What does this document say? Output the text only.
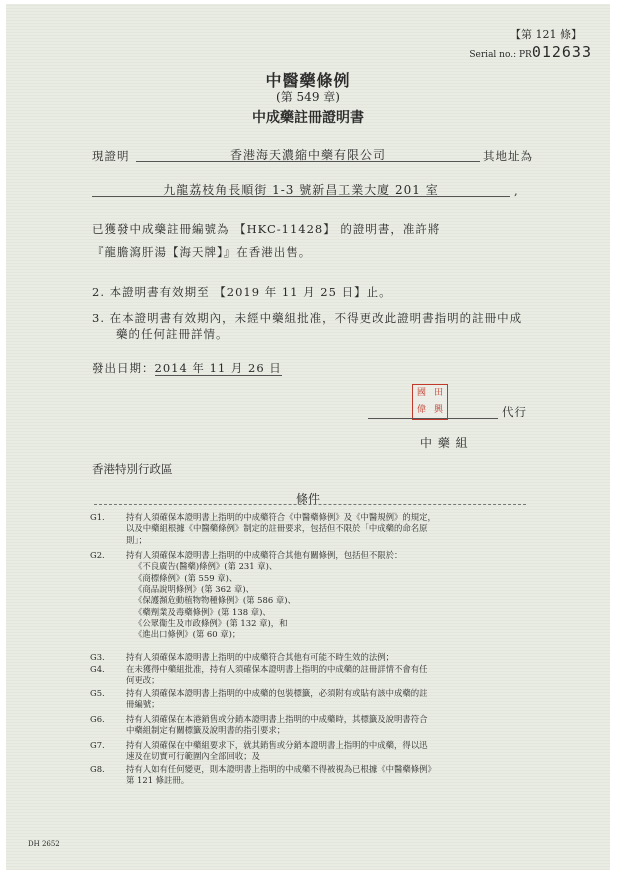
【第 121 條】
Serial no.: PR012633
中醫藥條例
(第 549 章)
中成藥註冊證明書
現證明	香港海天濃縮中藥有限公司	其地址為
九龍荔枝角長順街 1-3 號新昌工業大廈 201 室	,
已獲發中成藥註冊編號為 【HKC-11428】 的證明書，准許將
『龍膽瀉肝湯【海天牌】』在香港出售。
2. 本證明書有效期至 【2019 年 11 月 25 日】止。
3. 在本證明書有效期內，未經中藥組批准，不得更改此證明書指明的註冊中成
藥的任何註冊詳情。
發出日期：2014 年 11 月 26 日
國 田
偉 興	代行
中 藥 組
香港特別行政區
條件
G1.	持有人須確保本證明書上指明的中成藥符合《中醫藥條例》及《中醫規例》的規定，
以及中藥組根據《中醫藥條例》制定的註冊要求，包括但不限於「中成藥的命名原
則」；
G2.	持有人須確保本證明書上指明的中成藥符合其他有關條例，包括但不限於：
《不良廣告(醫藥)條例》(第 231 章)、
《商標條例》(第 559 章)、
《商品說明條例》(第 362 章)、
《保護瀕危動植物物種條例》(第 586 章)、
《藥劑業及毒藥條例》(第 138 章)、
《公眾衞生及市政條例》(第 132 章)，和
《進出口條例》(第 60 章)；
G3.	持有人須確保本證明書上指明的中成藥符合其他有可能不時生效的法例；
G4.	在未獲得中藥組批准，持有人須確保本證明書上指明的中成藥的註冊詳情不會有任
何更改；
G5.	持有人須確保本證明書上指明的中成藥的包裝標籤，必須附有或貼有該中成藥的註
冊編號；
G6.	持有人須確保在本港銷售或分銷本證明書上指明的中成藥時，其標籤及說明書符合
中藥組制定有關標籤及說明書的指引要求；
G7.	持有人須確保在中藥組要求下，就其銷售或分銷本證明書上指明的中成藥，得以迅
速及在切實可行範圍內全部回收；及
G8.	持有人如有任何變更，則本證明書上指明的中成藥不得被視為已根據《中醫藥條例》
第 121 條註冊。
DH 2652
